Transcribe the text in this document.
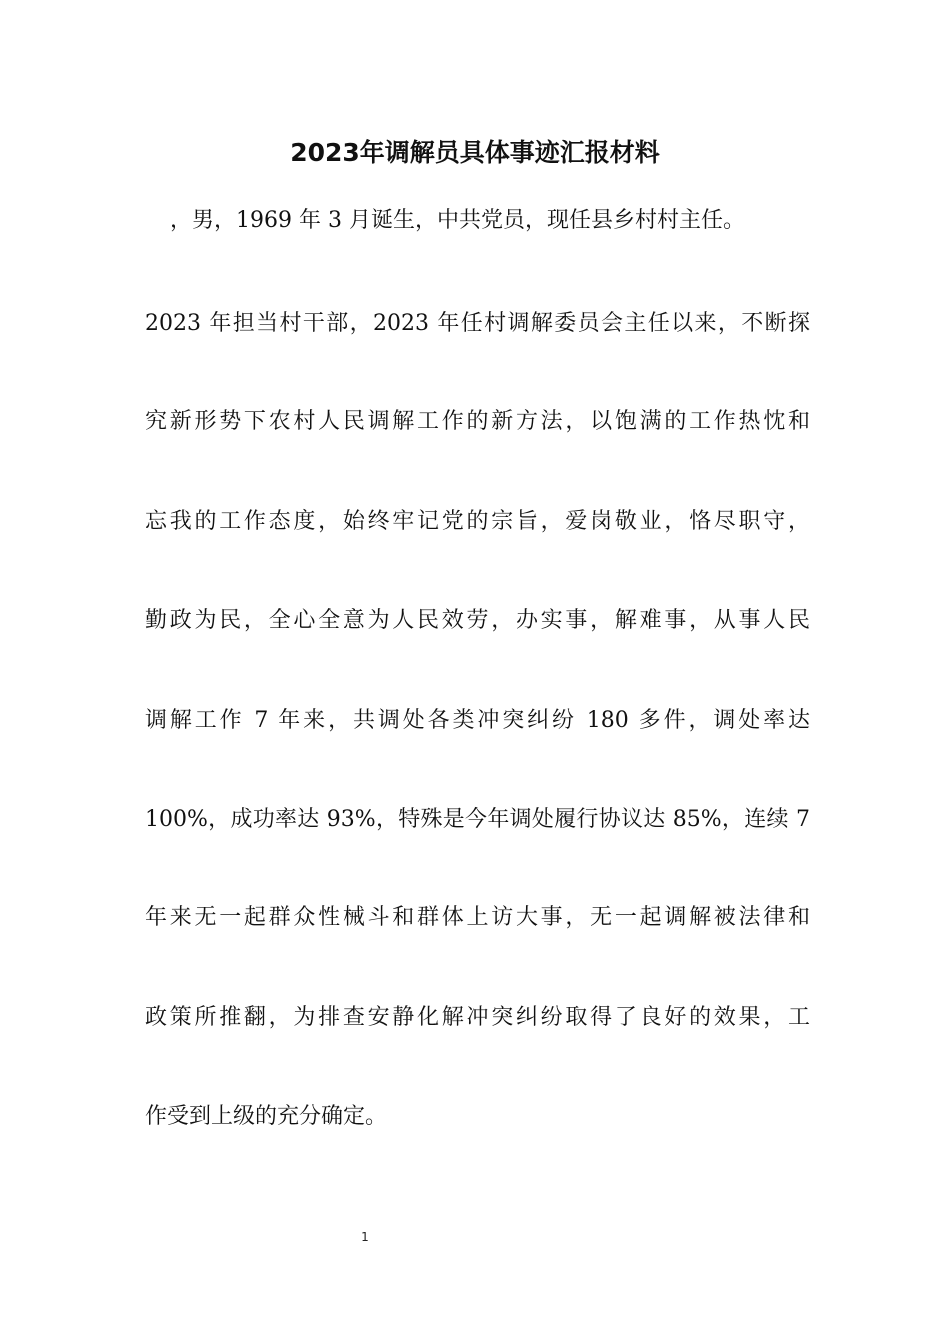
2023年调解员具体事迹汇报材料
，男，1969 年 3 月诞生，中共党员，现任县乡村村主任。
2023 年担当村干部，2023 年任村调解委员会主任以来，不断探
究新形势下农村人民调解工作的新方法，以饱满的工作热忱和
忘我的工作态度，始终牢记党的宗旨，爱岗敬业，恪尽职守，
勤政为民，全心全意为人民效劳，办实事，解难事，从事人民
调解工作 7 年来，共调处各类冲突纠纷 180 多件，调处率达
100%，成功率达 93%，特殊是今年调处履行协议达 85%，连续 7
年来无一起群众性械斗和群体上访大事，无一起调解被法律和
政策所推翻，为排查安静化解冲突纠纷取得了良好的效果，工
作受到上级的充分确定。
1
